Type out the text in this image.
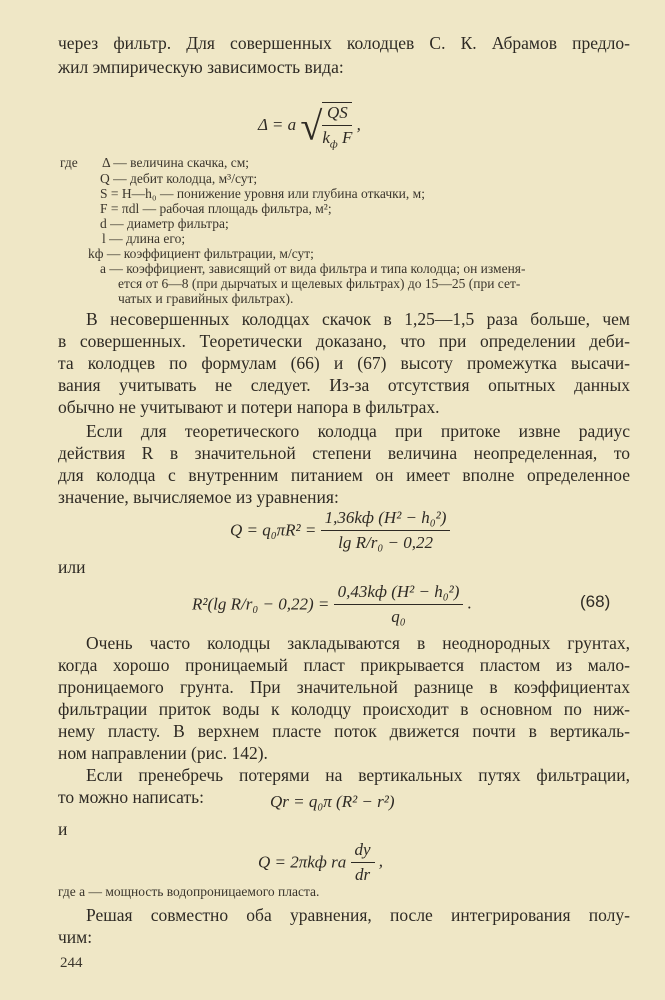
через фильтр. Для совершенных колодцев С. К. Абрамов предло-
жил эмпирическую зависимость вида:
Δ = a √ $\frac{QS}{k_ф F}$ ,
где Δ — величина скачка, см;
Q — дебит колодца, м³/сут;
S = H—h₀ — понижение уровня или глубина откачки, м;
F = πdl — рабочая площадь фильтра, м²;
d — диаметр фильтра;
l — длина его;
kф — коэффициент фильтрации, м/сут;
a — коэффициент, зависящий от вида фильтра и типа колодца; он изменя-
ется от 6—8 (при дырчатых и щелевых фильтрах) до 15—25 (при сет-
чатых и гравийных фильтрах).
В несовершенных колодцах скачок в 1,25—1,5 раза больше, чем
в совершенных. Теоретически доказано, что при определении деби-
та колодцев по формулам (66) и (67) высоту промежутка высачи-
вания учитывать не следует. Из-за отсутствия опытных данных
обычно не учитывают и потери напора в фильтрах.
Если для теоретического колодца при притоке извне радиус
действия R в значительной степени величина неопределенная, то
для колодца с внутренним питанием он имеет вполне определенное
значение, вычисляемое из уравнения:
$Q = q_0\pi R^2 = \frac{\text{1,36kф (H² − h₀²)}}{\text{lg R/r₀ − 0,22}}$
или
R²(lg $R/r_0 - 0,22) = \frac{\text{0,43kф (H² − h₀²)}}{\text{q₀}}$ .	(68)
Очень часто колодцы закладываются в неоднородных грунтах,
когда хорошо проницаемый пласт прикрывается пластом из мало-
проницаемого грунта. При значительной разнице в коэффициентах
фильтрации приток воды к колодцу происходит в основном по ниж-
нему пласту. В верхнем пласте поток движется почти в вертикаль-
ном направлении (рис. 142).
Если пренебречь потерями на вертикальных путях фильтрации,
то можно написать:	Qr = q₀π (R² − r²)
и
Q = 2πkф ra $\frac{dy}{dr}$ ,
где a — мощность водопроницаемого пласта.
Решая совместно оба уравнения, после интегрирования полу-
чим:
244
